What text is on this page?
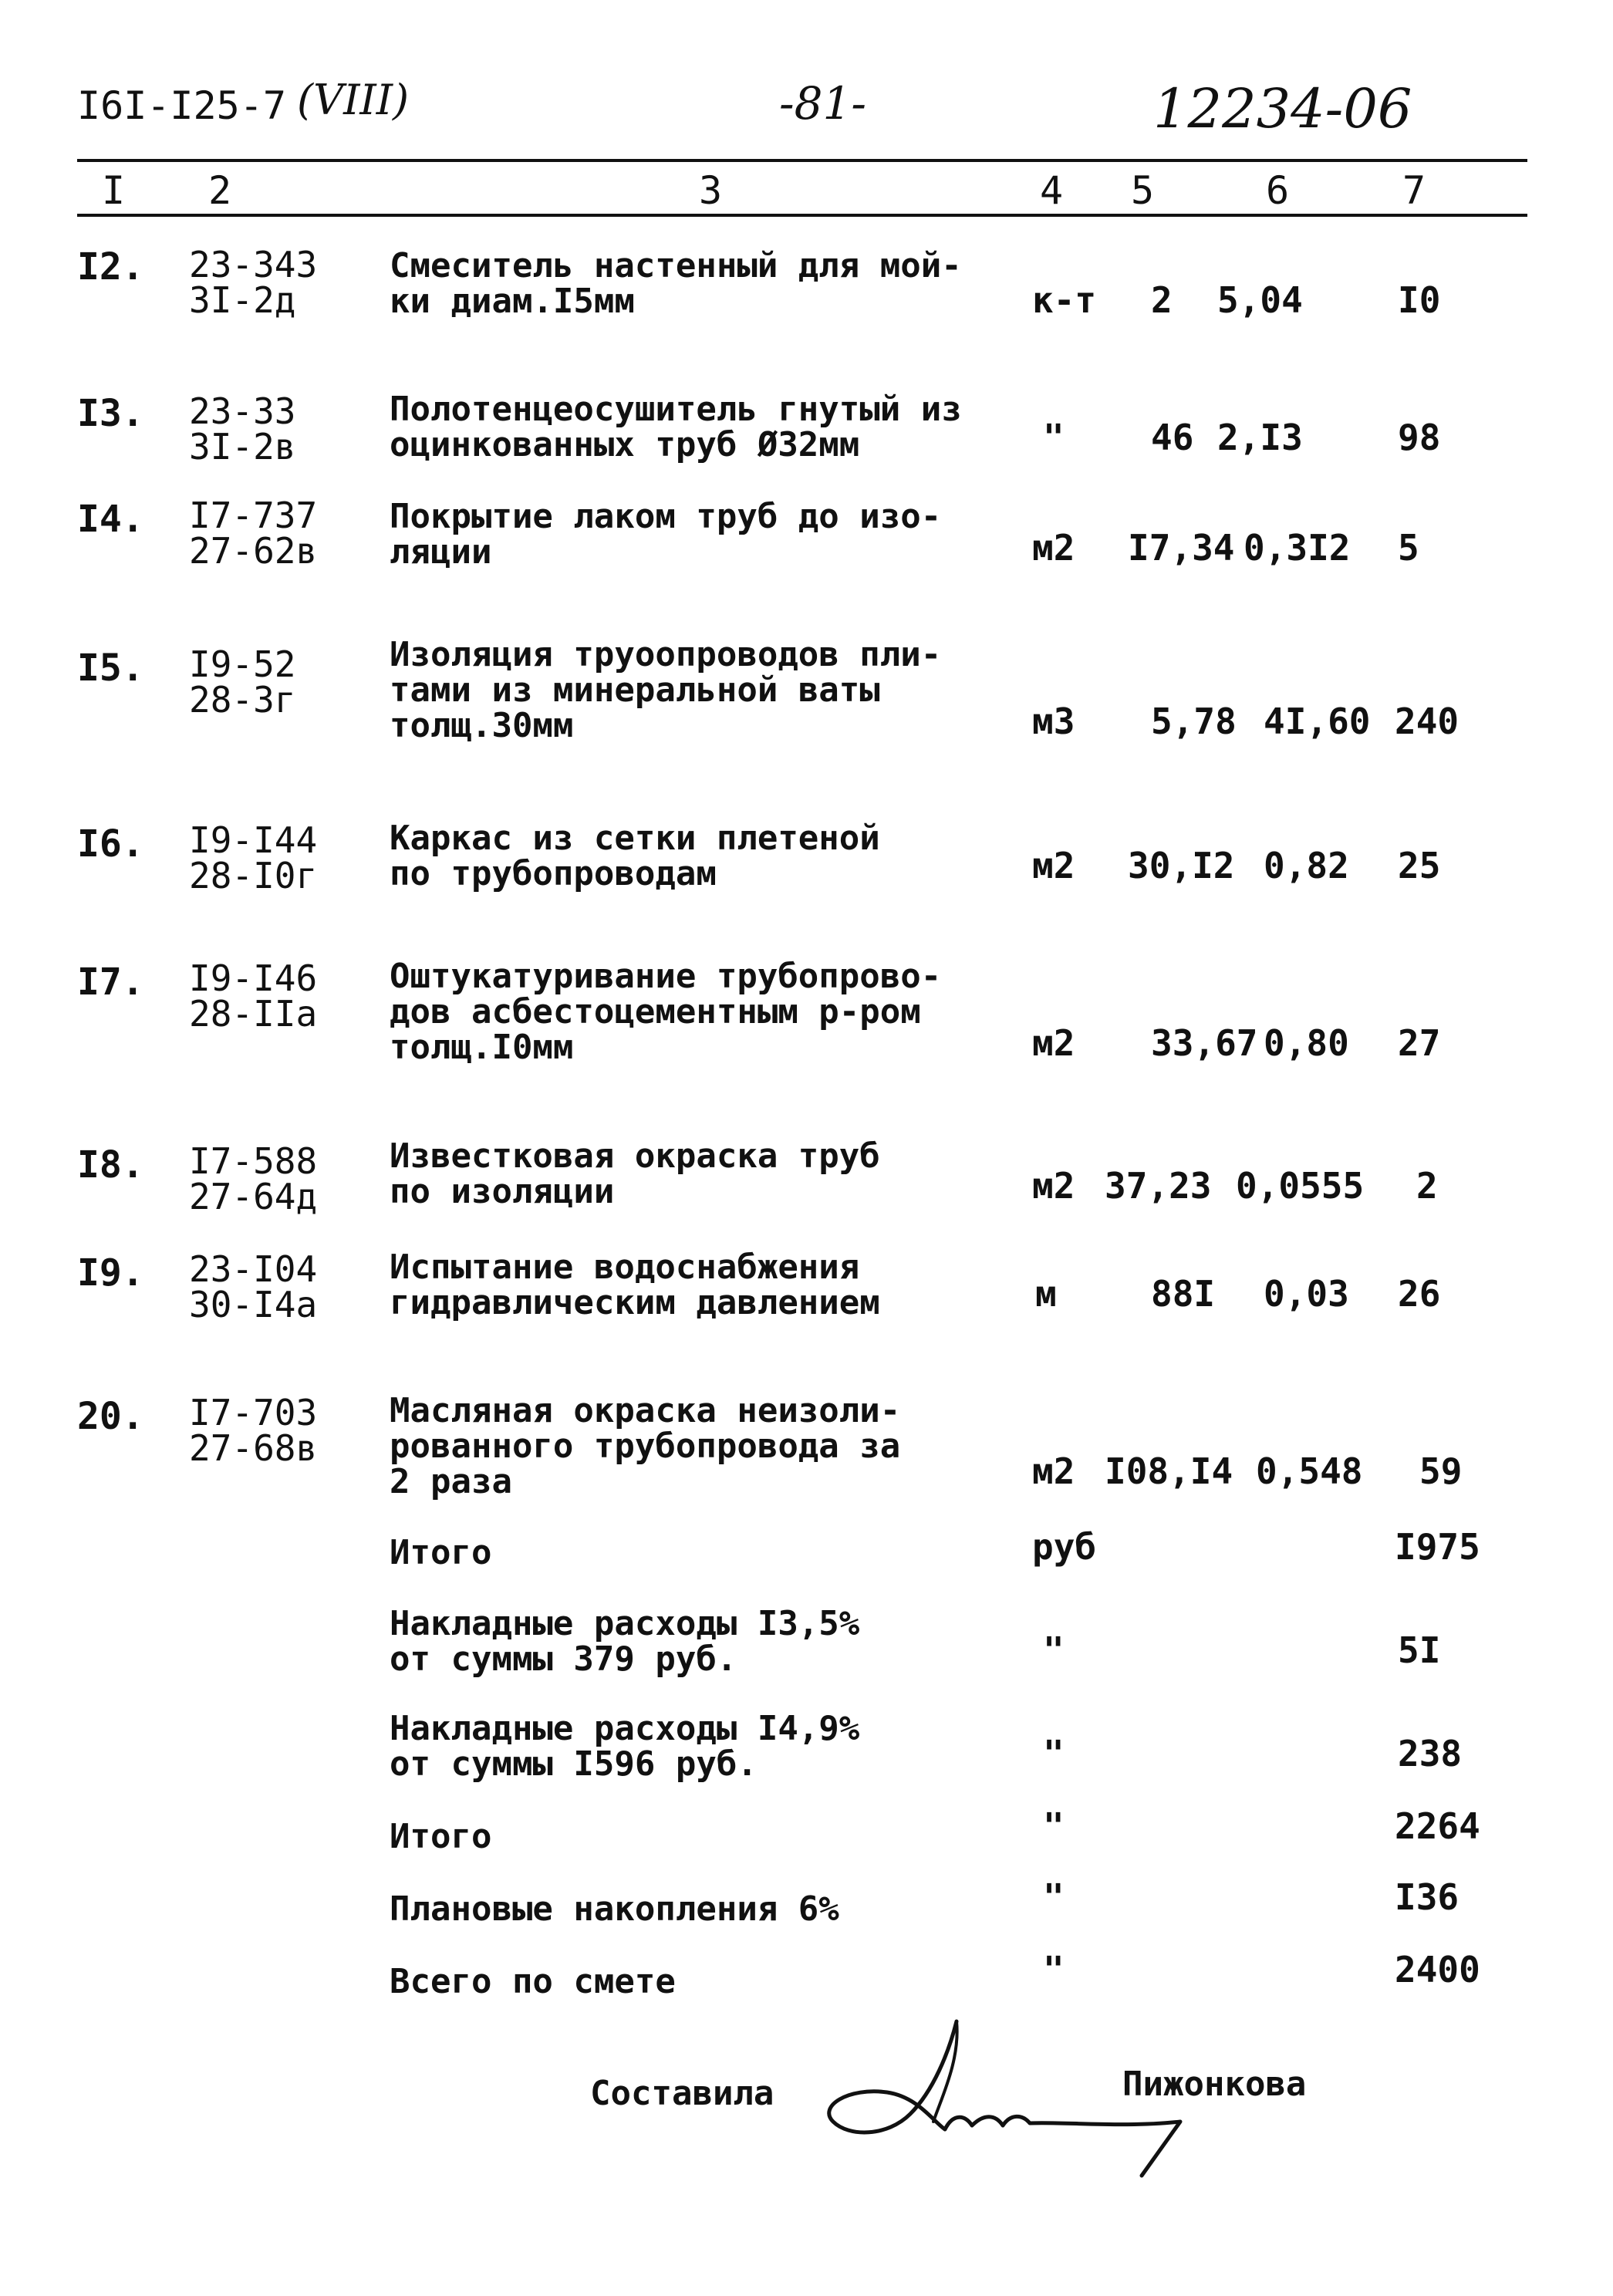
I6I-I25-7 (VIII)	-81-	12234-06
I 2	3	4 5	6	7
I2. 23-343
3I-2д
Смеситель настенный для мой-
ки диам.I5мм	к-т 2 5,04	I0
I3. 23-33
3I-2в
Полотенцеосушитель гнутый из
оцинкованных труб Ø32мм	" 46 2,I3	98
I4. I7-737
27-62в
Покрытие лаком труб до изо-
ляции	м2 I7,34 0,3I2 5
I5. I9-52
28-3г
Изоляция труоопроводов пли-
тами из минеральной ваты
толщ.30мм	м3 5,78 4I,60 240
I6. I9-I44
28-I0г
Каркас из сетки плетеной
по трубопроводам	м2 30,I2 0,82 25
I7. I9-I46
28-IIа
Оштукатуривание трубопрово-
дов асбестоцементным р-ром
толщ.I0мм	м2 33,67 0,80 27
I8. I7-588
27-64д
Известковая окраска труб
по изоляции	м2 37,23 0,0555 2
I9. 23-I04
30-I4а
Испытание водоснабжения
гидравлическим давлением	м	88I 0,03 26
20. I7-703
27-68в
Масляная окраска неизоли-
рованного трубопровода за
2 раза	м2 I08,I4 0,548 59
Итого	руб	I975
Накладные расходы I3,5%
от суммы 379 руб.	"	5I
Накладные расходы I4,9%
от суммы I596 руб.	"	238
Итого	"	2264
Плановые накопления 6%	"	I36
Всего по смете	"	2400
Составила	Пижонкова
